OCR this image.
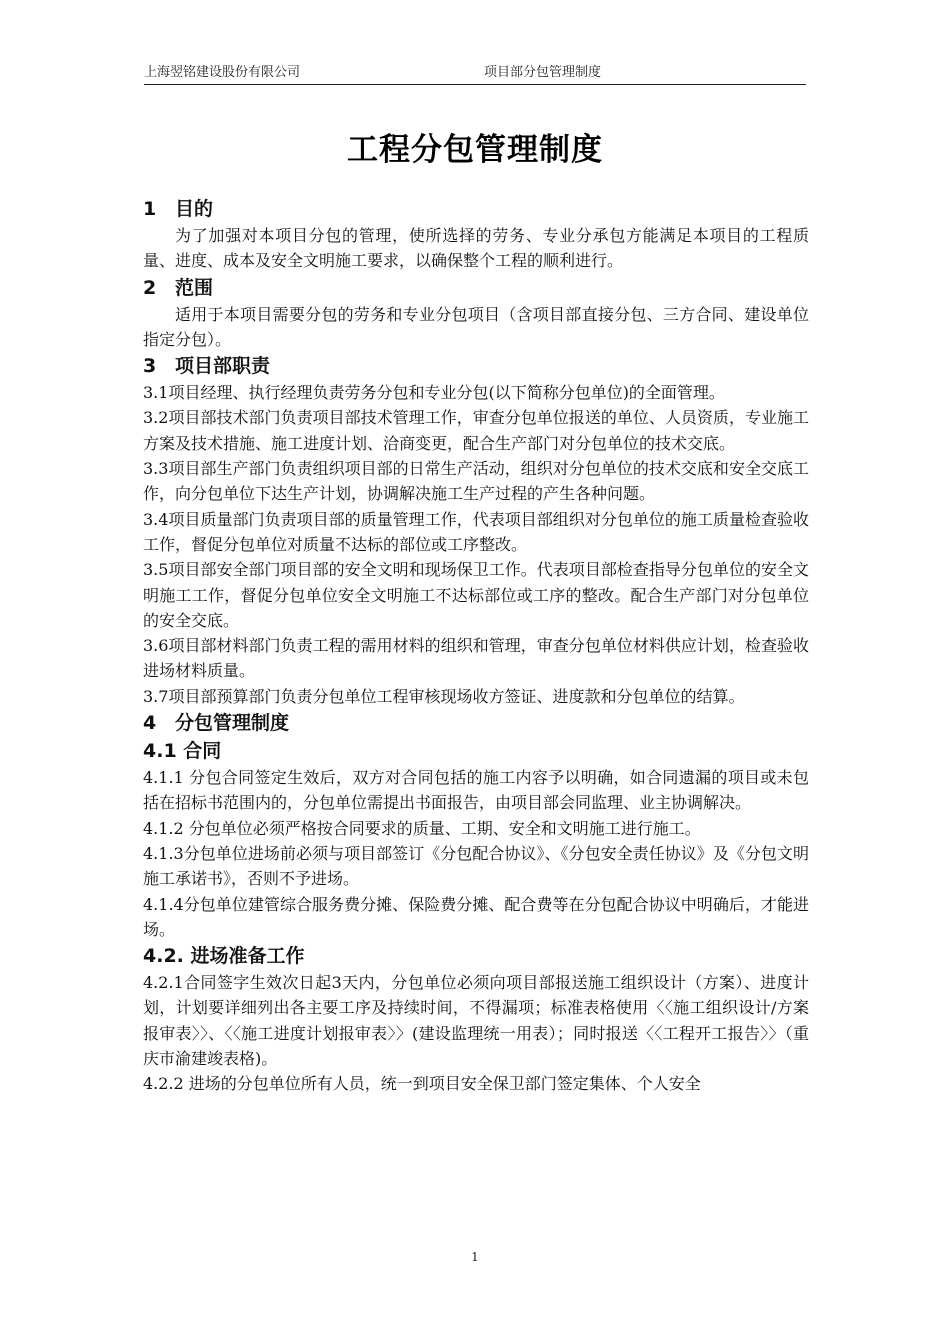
上海翌铭建设股份有限公司	项目部分包管理制度
工程分包管理制度
1 目的

为了加强对本项目分包的管理，使所选择的劳务、专业分承包方能满足本项目的工程质量、进度、成本及安全文明施工要求，以确保整个工程的顺利进行。

2 范围

适用于本项目需要分包的劳务和专业分包项目（含项目部直接分包、三方合同、建设单位指定分包）。

3 项目部职责

3.1项目经理、执行经理负责劳务分包和专业分包(以下简称分包单位)的全面管理。

3.2项目部技术部门负责项目部技术管理工作，审查分包单位报送的单位、人员资质，专业施工方案及技术措施、施工进度计划、洽商变更，配合生产部门对分包单位的技术交底。

3.3项目部生产部门负责组织项目部的日常生产活动，组织对分包单位的技术交底和安全交底工作，向分包单位下达生产计划，协调解决施工生产过程的产生各种问题。

3.4项目质量部门负责项目部的质量管理工作，代表项目部组织对分包单位的施工质量检查验收工作，督促分包单位对质量不达标的部位或工序整改。

3.5项目部安全部门项目部的安全文明和现场保卫工作。代表项目部检查指导分包单位的安全文明施工工作，督促分包单位安全文明施工不达标部位或工序的整改。配合生产部门对分包单位的安全交底。

3.6项目部材料部门负责工程的需用材料的组织和管理，审查分包单位材料供应计划，检查验收进场材料质量。

3.7项目部预算部门负责分包单位工程审核现场收方签证、进度款和分包单位的结算。

4 分包管理制度
4.1 合同

4.1.1 分包合同签定生效后，双方对合同包括的施工内容予以明确，如合同遗漏的项目或未包括在招标书范围内的，分包单位需提出书面报告，由项目部会同监理、业主协调解决。

4.1.2 分包单位必须严格按合同要求的质量、工期、安全和文明施工进行施工。

4.1.3分包单位进场前必须与项目部签订《分包配合协议》、《分包安全责任协议》及《分包文明施工承诺书》，否则不予进场。

4.1.4分包单位建管综合服务费分摊、保险费分摊、配合费等在分包配合协议中明确后，才能进场。

4.2. 进场准备工作

4.2.1合同签字生效次日起3天内，分包单位必须向项目部报送施工组织设计（方案）、进度计划，计划要详细列出各主要工序及持续时间，不得漏项；标准表格使用〈〈施工组织设计/方案报审表〉〉、〈〈施工进度计划报审表〉〉(建设监理统一用表）；同时报送〈〈工程开工报告〉〉（重庆市渝建竣表格)。

4.2.2 进场的分包单位所有人员，统一到项目安全保卫部门签定集体、个人安全

1
